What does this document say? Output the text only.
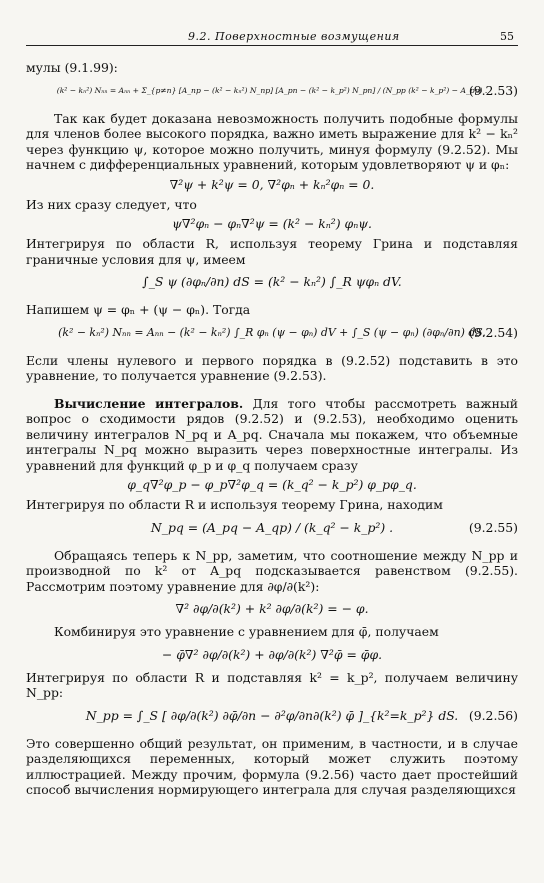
9.2. Поверхностные возмущения	55

мулы (9.1.99):

(k² − kₙ²) Nₙₙ = Aₙₙ + Σ_{p≠n} [A_np − (k² − kₙ²) N_np] [A_pn − (k² − k_p²) N_pn] / (N_pp (k² − k_p²) − A_pp) .
(9.2.53)

Так как будет доказана невозможность получить подобные формулы для членов более высокого порядка, важно иметь выражение для k² − kₙ² через функцию ψ, которое можно получить, минуя формулу (9.2.52). Мы начнем с дифференциальных уравнений, которым удовлетворяют ψ и φₙ:

∇²ψ + k²ψ = 0, ∇²φₙ + kₙ²φₙ = 0.

Из них сразу следует, что

ψ∇²φₙ − φₙ∇²ψ = (k² − kₙ²) φₙψ.

Интегрируя по области R, используя теорему Грина и подставляя граничные условия для ψ, имеем

∫_S ψ (∂φₙ/∂n) dS = (k² − kₙ²) ∫_R ψφₙ dV.

Напишем ψ = φₙ + (ψ − φₙ). Тогда

(k² − kₙ²) Nₙₙ = Aₙₙ − (k² − kₙ²) ∫_R φₙ (ψ − φₙ) dV + ∫_S (ψ − φₙ) (∂φₙ/∂n) dS.
(9.2.54)

Если члены нулевого и первого порядка в (9.2.52) подставить в это уравнение, то получается уравнение (9.2.53).

Вычисление интегралов. Для того чтобы рассмотреть важный вопрос о сходимости рядов (9.2.52) и (9.2.53), необходимо оценить величину интегралов N_pq и A_pq. Сначала мы покажем, что объемные интегралы N_pq можно выразить через поверхностные интегралы. Из уравнений для функций φ_p и φ_q получаем сразу

φ_q∇²φ_p − φ_p∇²φ_q = (k_q² − k_p²) φ_pφ_q.

Интегрируя по области R и используя теорему Грина, находим

N_pq = (A_pq − A_qp) / (k_q² − k_p²) .	(9.2.55)

Обращаясь теперь к N_pp, заметим, что соотношение между N_pp и производной по k² от A_pq подсказывается равенством (9.2.55). Рассмотрим поэтому уравнение для ∂φ/∂(k²):

∇² ∂φ/∂(k²) + k² ∂φ/∂(k²) = − φ.

Комбинируя это уравнение с уравнением для φ̄, получаем

− φ̄∇² ∂φ/∂(k²) + ∂φ/∂(k²) ∇²φ̄ = φ̄φ.

Интегрируя по области R и подставляя k² = k_p², получаем величину N_pp:

N_pp = ∫_S [ ∂φ/∂(k²) ∂φ̄/∂n − ∂²φ/∂n∂(k²) φ̄ ]_{k²=k_p²} dS. (9.2.56)

Это совершенно общий результат, он применим, в частности, и в случае разделяющихся переменных, который может служить поэтому иллюстрацией. Между прочим, формула (9.2.56) часто дает простейший способ вычисления нормирующего интеграла для случая разделяющихся
